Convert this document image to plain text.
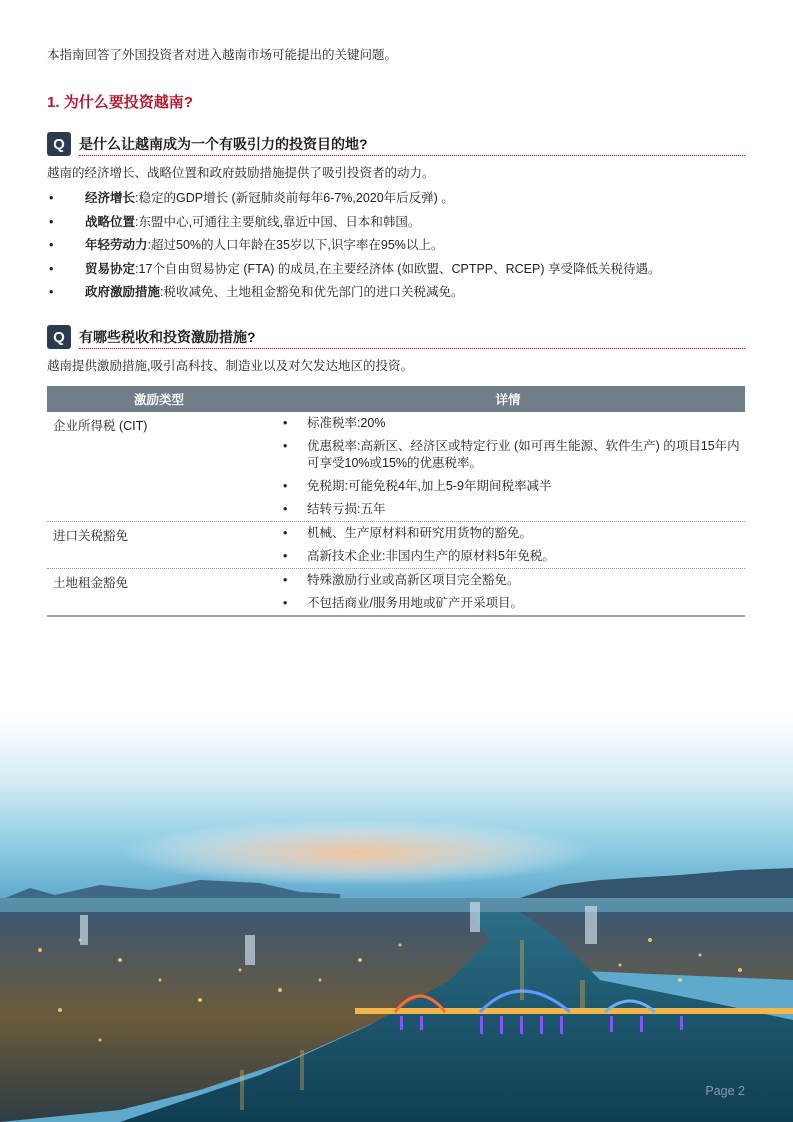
本指南回答了外国投资者对进入越南市场可能提出的关键问题。
1. 为什么要投资越南?
Q	是什么让越南成为一个有吸引力的投资目的地?
越南的经济增长、战略位置和政府鼓励措施提供了吸引投资者的动力。
• 经济增长:稳定的GDP增长 (新冠肺炎前每年6-7%,2020年后反弹) 。
• 战略位置:东盟中心,可通往主要航线,靠近中国、日本和韩国。
• 年轻劳动力:超过50%的人口年龄在35岁以下,识字率在95%以上。
• 贸易协定:17个自由贸易协定 (FTA) 的成员,在主要经济体 (如欧盟、CPTPP、RCEP) 享受降低关税待遇。
• 政府激励措施:税收减免、土地租金豁免和优先部门的进口关税减免。
Q	有哪些税收和投资激励措施?
越南提供激励措施,吸引高科技、制造业以及对欠发达地区的投资。
激励类型	详情
企业所得税 (CIT)	
•标准税率:20%
• 优惠税率:高新区、经济区或特定行业 (如可再生能源、软件生产) 的项目15年内可享受10%或15%的优惠税率。
• 免税期:可能免税4年,加上5-9年期间税率减半
• 结转亏损:五年

进口关税豁免	
•机械、生产原材料和研究用货物的豁免。
• 高新技术企业:非国内生产的原材料5年免税。

土地租金豁免	
•特殊激励行业或高新区项目完全豁免。
• 不包括商业/服务用地或矿产开采项目。
Page 2
